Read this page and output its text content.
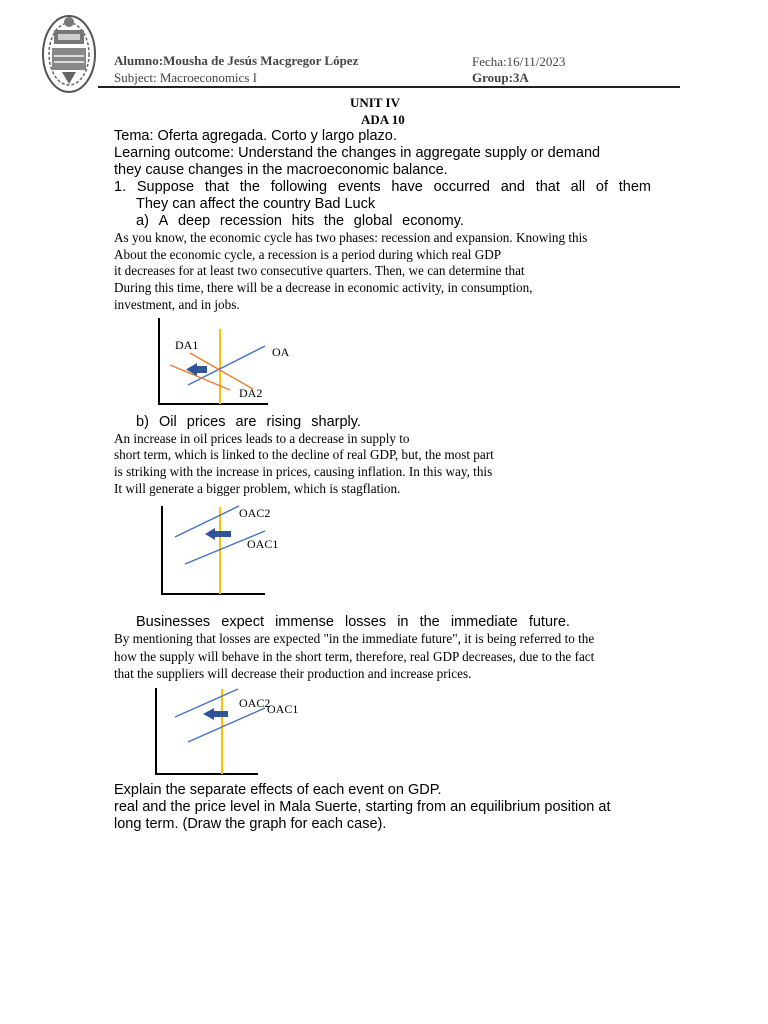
Alumno:Mousha de Jesús Macgregor López
Subject: Macroeconomics I
Fecha:16/11/2023
Group:3A
UNIT IV
ADA 10
Tema: Oferta agregada. Corto y largo plazo.
Learning outcome: Understand the changes in aggregate supply or demand
they cause changes in the macroeconomic balance.
1. Suppose that the following events have occurred and that all of them
They can affect the country Bad Luck
a) A deep recession hits the global economy.
As you know, the economic cycle has two phases: recession and expansion. Knowing this
About the economic cycle, a recession is a period during which real GDP
it decreases for at least two consecutive quarters. Then, we can determine that
During this time, there will be a decrease in economic activity, in consumption,
investment, and in jobs.
DA1
DA2
OA
b) Oil prices are rising sharply.
An increase in oil prices leads to a decrease in supply to
short term, which is linked to the decline of real GDP, but, the most part
is striking with the increase in prices, causing inflation. In this way, this
It will generate a bigger problem, which is stagflation.
OAC2
OAC1
Businesses expect immense losses in the immediate future.
By mentioning that losses are expected "in the immediate future", it is being referred to the
how the supply will behave in the short term, therefore, real GDP decreases, due to the fact
that the suppliers will decrease their production and increase prices.
OAC2
OAC1
Explain the separate effects of each event on GDP.
real and the price level in Mala Suerte, starting from an equilibrium position at
long term. (Draw the graph for each case).
